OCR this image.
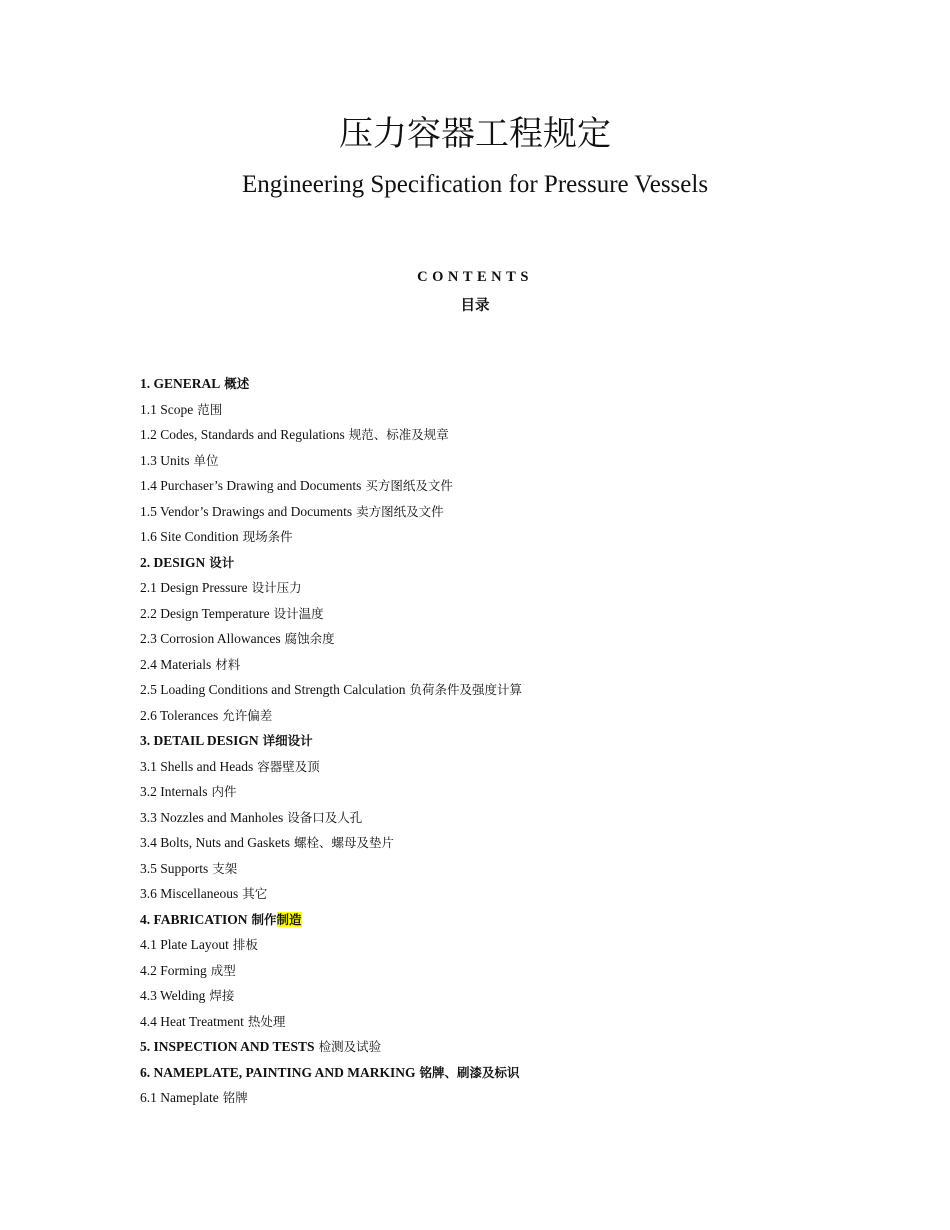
压力容器工程规定
Engineering Specification for Pressure Vessels
CONTENTS
目录
1. GENERAL 概述
1.1 Scope 范围
1.2 Codes, Standards and Regulations 规范、标准及规章
1.3 Units 单位
1.4 Purchaser’s Drawing and Documents 买方图纸及文件
1.5 Vendor’s Drawings and Documents 卖方图纸及文件
1.6 Site Condition 现场条件
2. DESIGN 设计
2.1 Design Pressure 设计压力
2.2 Design Temperature 设计温度
2.3 Corrosion Allowances 腐蚀余度
2.4 Materials 材料
2.5 Loading Conditions and Strength Calculation 负荷条件及强度计算
2.6 Tolerances 允许偏差
3. DETAIL DESIGN 详细设计
3.1 Shells and Heads 容器壁及顶
3.2 Internals 内件
3.3 Nozzles and Manholes 设备口及人孔
3.4 Bolts, Nuts and Gaskets 螺栓、螺母及垫片
3.5 Supports 支架
3.6 Miscellaneous 其它
4. FABRICATION 制作制造
4.1 Plate Layout 排板
4.2 Forming 成型
4.3 Welding 焊接
4.4 Heat Treatment 热处理
5. INSPECTION AND TESTS 检测及试验
6. NAMEPLATE, PAINTING AND MARKING 铭牌、刷漆及标识
6.1 Nameplate 铭牌
